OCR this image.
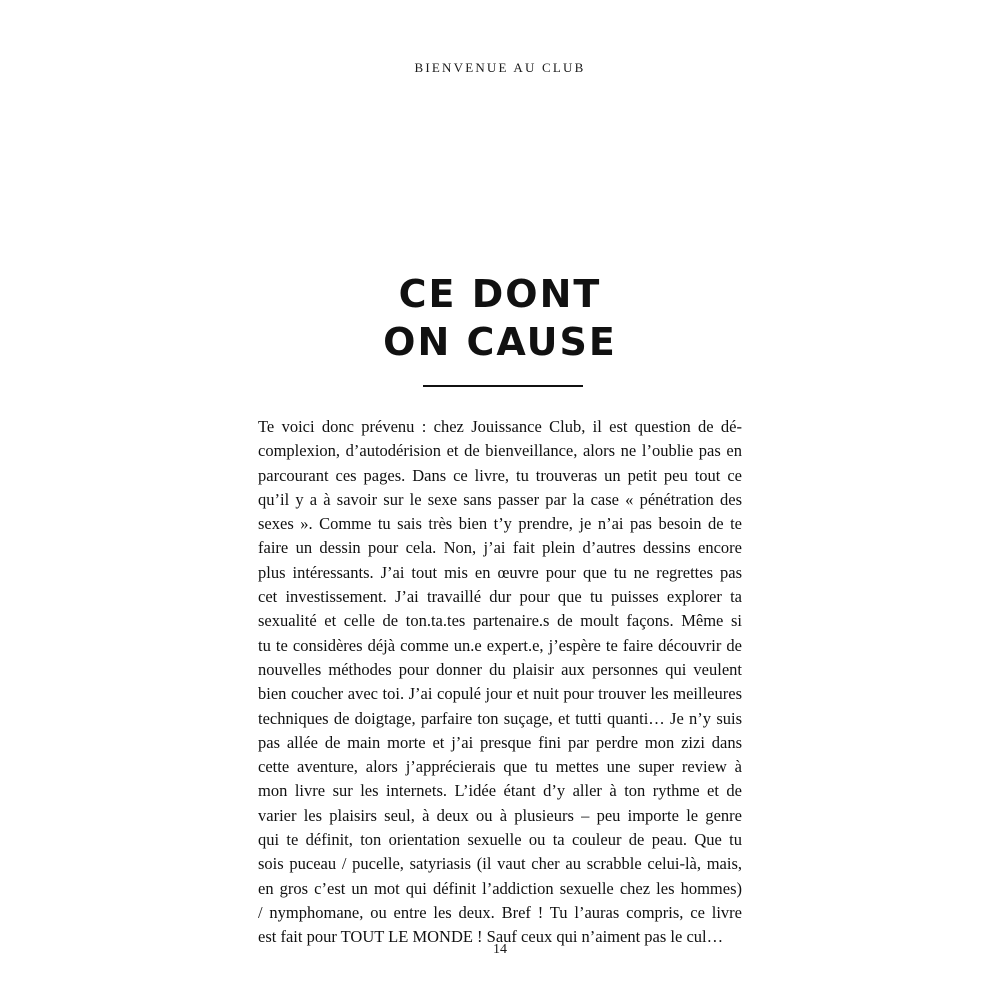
BIENVENUE AU CLUB
CE DONT
ON CAUSE
Te voici donc prévenu : chez Jouissance Club, il est question de dé-
complexion, d’autodérision et de bienveillance, alors ne l’oublie pas en
parcourant ces pages. Dans ce livre, tu trouveras un petit peu tout ce
qu’il y a à savoir sur le sexe sans passer par la case « pénétration des
sexes ». Comme tu sais très bien t’y prendre, je n’ai pas besoin de te
faire un dessin pour cela. Non, j’ai fait plein d’autres dessins encore
plus intéressants. J’ai tout mis en œuvre pour que tu ne regrettes pas
cet investissement. J’ai travaillé dur pour que tu puisses explorer ta
sexualité et celle de ton.ta.tes partenaire.s de moult façons. Même si
tu te considères déjà comme un.e expert.e, j’espère te faire découvrir de
nouvelles méthodes pour donner du plaisir aux personnes qui veulent
bien coucher avec toi. J’ai copulé jour et nuit pour trouver les meilleures
techniques de doigtage, parfaire ton suçage, et tutti quanti… Je n’y suis
pas allée de main morte et j’ai presque fini par perdre mon zizi dans
cette aventure, alors j’apprécierais que tu mettes une super review à
mon livre sur les internets. L’idée étant d’y aller à ton rythme et de
varier les plaisirs seul, à deux ou à plusieurs – peu importe le genre
qui te définit, ton orientation sexuelle ou ta couleur de peau. Que tu
sois puceau / pucelle, satyriasis (il vaut cher au scrabble celui-là, mais,
en gros c’est un mot qui définit l’addiction sexuelle chez les hommes)
/ nymphomane, ou entre les deux. Bref ! Tu l’auras compris, ce livre
est fait pour TOUT LE MONDE ! Sauf ceux qui n’aiment pas le cul…
14
